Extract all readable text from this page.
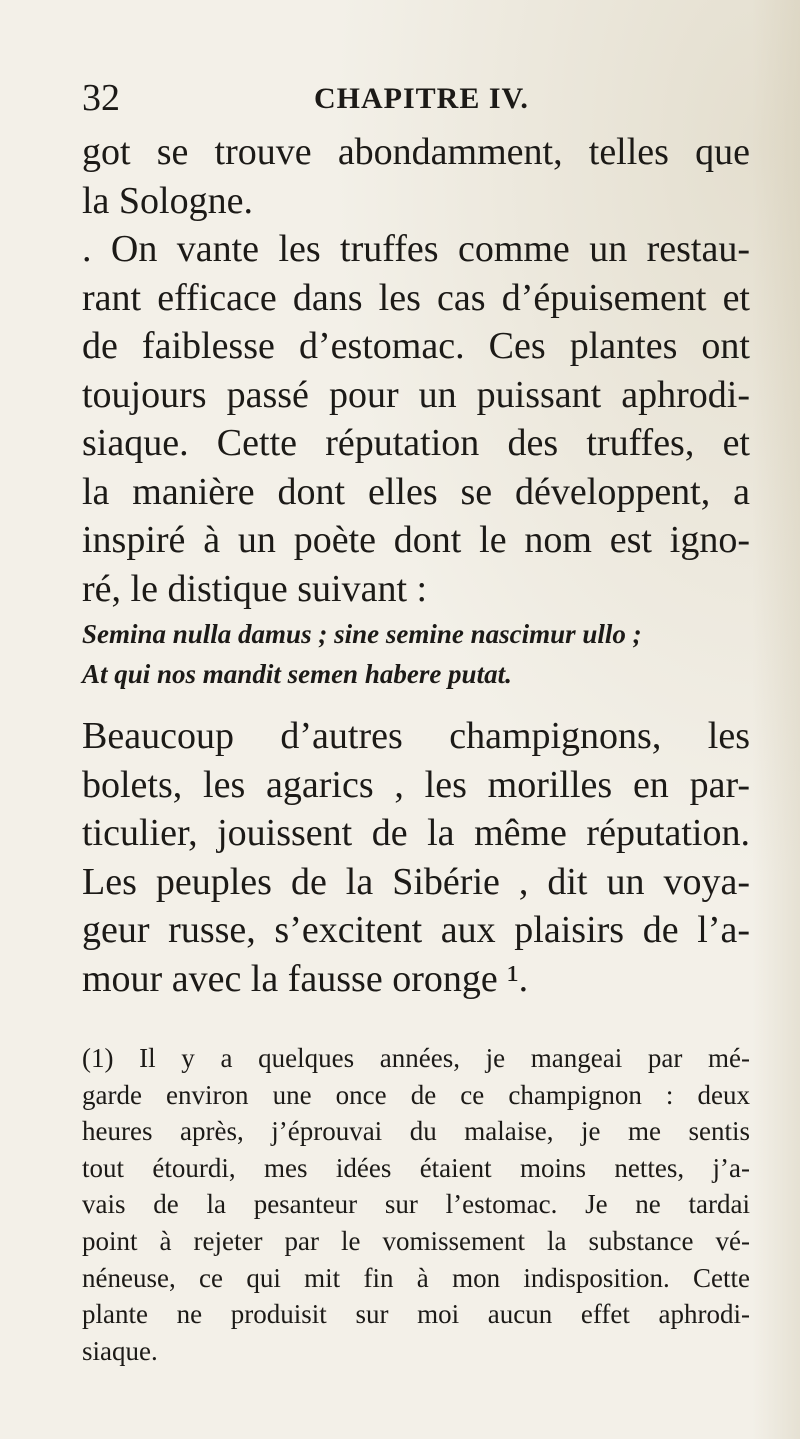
32	CHAPITRE IV.
got se trouve abondamment, telles que
la Sologne.
. On vante les truffes comme un restau-
rant efficace dans les cas d’épuisement et
de faiblesse d’estomac. Ces plantes ont
toujours passé pour un puissant aphrodi-
siaque. Cette réputation des truffes, et
la manière dont elles se développent, a
inspiré à un poète dont le nom est igno-
ré, le distique suivant :
Semina nulla damus ; sine semine nascimur ullo ;
At qui nos mandit semen habere putat.
Beaucoup d’autres champignons, les
bolets, les agarics , les morilles en par-
ticulier, jouissent de la même réputation.
Les peuples de la Sibérie , dit un voya-
geur russe, s’excitent aux plaisirs de l’a-
mour avec la fausse oronge ¹.
(1) Il y a quelques années, je mangeai par mé-
garde environ une once de ce champignon : deux
heures après, j’éprouvai du malaise, je me sentis
tout étourdi, mes idées étaient moins nettes, j’a-
vais de la pesanteur sur l’estomac. Je ne tardai
point à rejeter par le vomissement la substance vé-
néneuse, ce qui mit fin à mon indisposition. Cette
plante ne produisit sur moi aucun effet aphrodi-
siaque.
